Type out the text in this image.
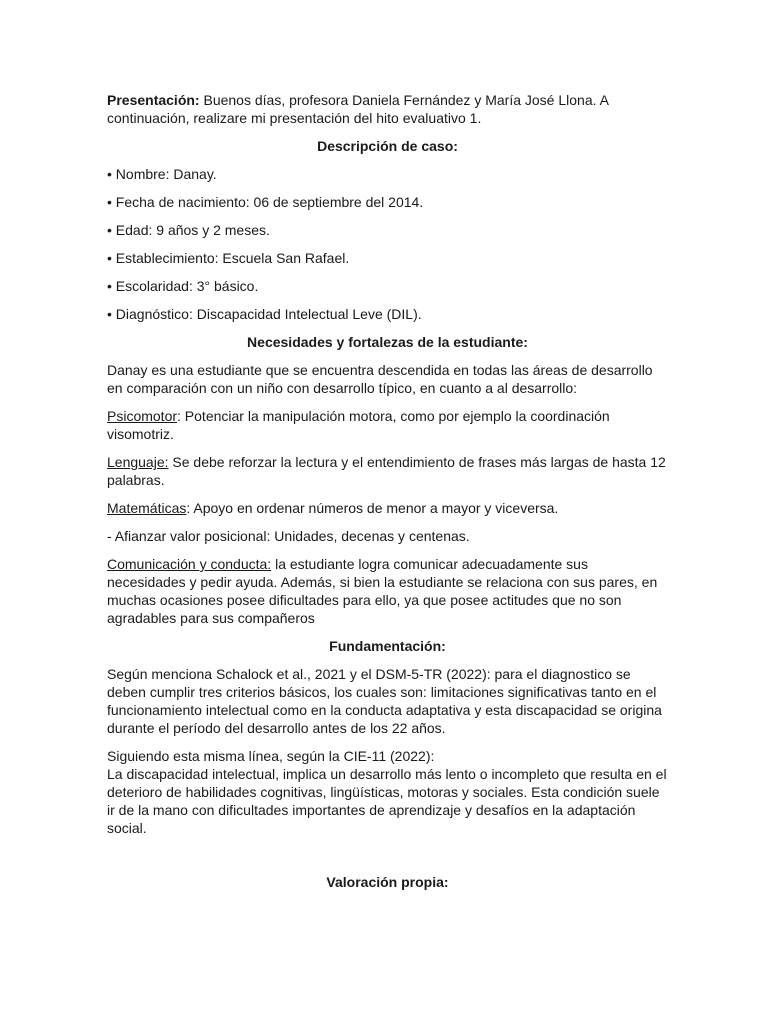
Presentación: Buenos días, profesora Daniela Fernández y María José Llona. A continuación, realizare mi presentación del hito evaluativo 1.

Descripción de caso:

• Nombre: Danay.

• Fecha de nacimiento: 06 de septiembre del 2014.

• Edad: 9 años y 2 meses.

• Establecimiento: Escuela San Rafael.

• Escolaridad: 3° básico.

• Diagnóstico: Discapacidad Intelectual Leve (DIL).

Necesidades y fortalezas de la estudiante:

Danay es una estudiante que se encuentra descendida en todas las áreas de desarrollo en comparación con un niño con desarrollo típico, en cuanto a al desarrollo:

Psicomotor: Potenciar la manipulación motora, como por ejemplo la coordinación visomotriz.

Lenguaje: Se debe reforzar la lectura y el entendimiento de frases más largas de hasta 12 palabras.

Matemáticas: Apoyo en ordenar números de menor a mayor y viceversa.

- Afianzar valor posicional: Unidades, decenas y centenas.

Comunicación y conducta: la estudiante logra comunicar adecuadamente sus necesidades y pedir ayuda. Además, si bien la estudiante se relaciona con sus pares, en muchas ocasiones posee dificultades para ello, ya que posee actitudes que no son agradables para sus compañeros

Fundamentación:

Según menciona Schalock et al., 2021 y el DSM-5-TR (2022): para el diagnostico se deben cumplir tres criterios básicos, los cuales son: limitaciones significativas tanto en el funcionamiento intelectual como en la conducta adaptativa y esta discapacidad se origina durante el período del desarrollo antes de los 22 años.

Siguiendo esta misma línea, según la CIE-11 (2022):
La discapacidad intelectual, implica un desarrollo más lento o incompleto que resulta en el deterioro de habilidades cognitivas, lingüísticas, motoras y sociales. Esta condición suele ir de la mano con dificultades importantes de aprendizaje y desafíos en la adaptación social.

Valoración propia:
